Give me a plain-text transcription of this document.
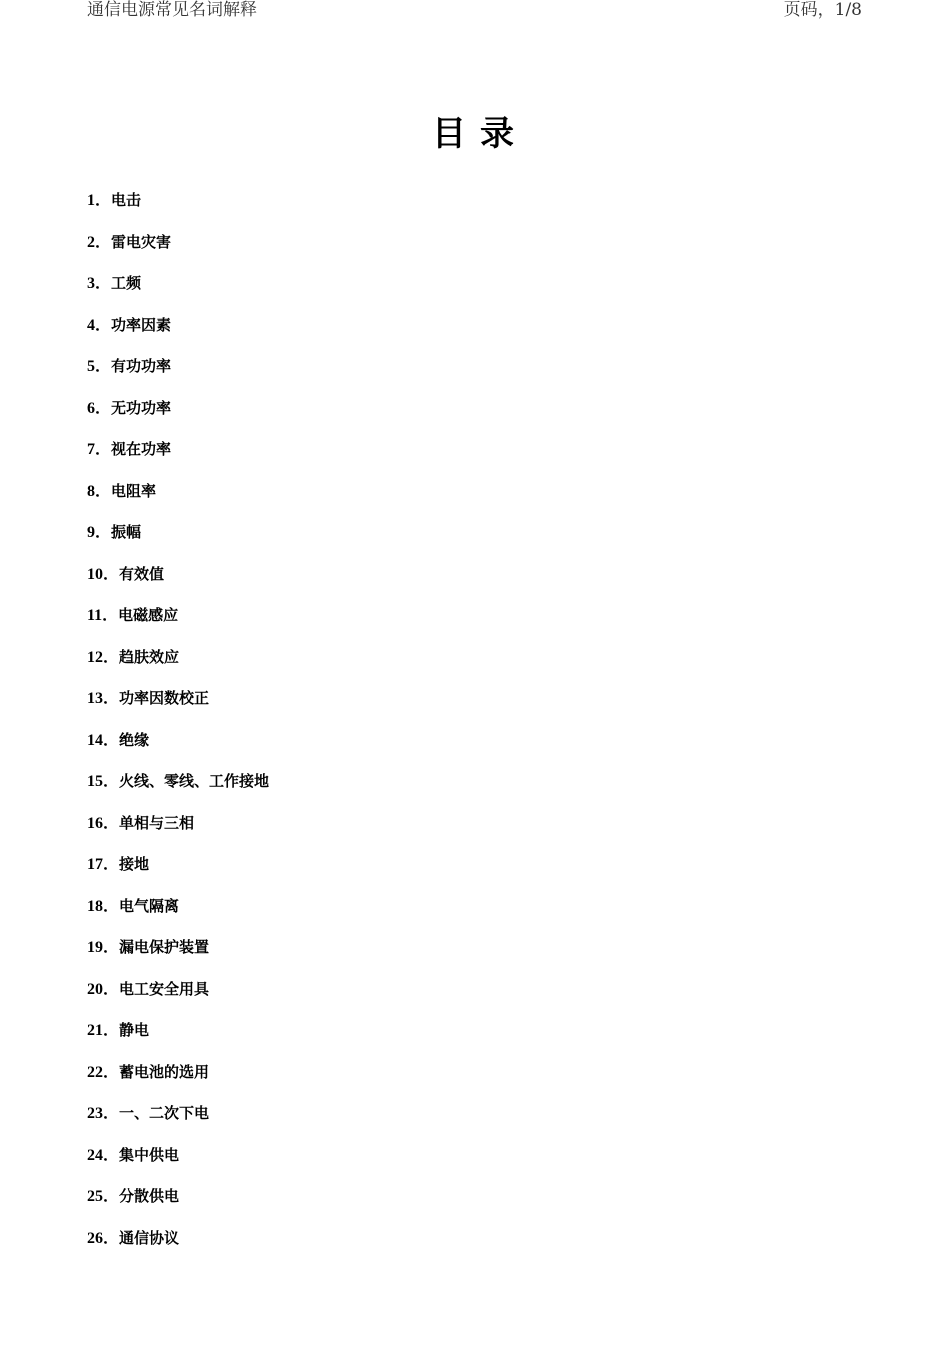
通信电源常见名词解释	页码，1/8
目录
1．电击
2．雷电灾害
3．工频
4．功率因素
5．有功功率
6．无功功率
7．视在功率
8．电阻率
9．振幅
10．有效值
11．电磁感应
12．趋肤效应
13．功率因数校正
14．绝缘
15．火线、零线、工作接地
16．单相与三相
17．接地
18．电气隔离
19．漏电保护装置
20．电工安全用具
21．静电
22．蓄电池的选用
23．一、二次下电
24．集中供电
25．分散供电
26．通信协议
